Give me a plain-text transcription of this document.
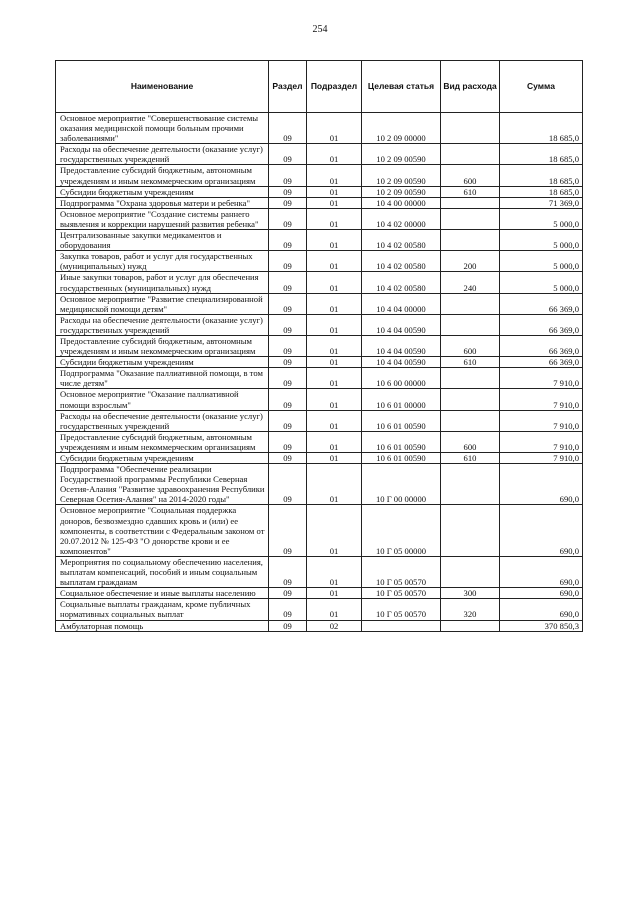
254
Наименование	Раздел	Подраздел	Целевая статья	Вид расхода	Сумма
Основное мероприятие "Совершенствование системы оказания медицинской помощи больным прочими заболеваниями"	09	01	10 2 09 00000		18 685,0
Расходы на обеспечение деятельности (оказание услуг) государственных учреждений	09	01	10 2 09 00590		18 685,0
Предоставление субсидий бюджетным, автономным учреждениям и иным некоммерческим организациям	09	01	10 2 09 00590	600	18 685,0
Субсидии бюджетным учреждениям	09	01	10 2 09 00590	610	18 685,0
Подпрограмма "Охрана здоровья матери и ребенка"	09	01	10 4 00 00000		71 369,0
Основное мероприятие "Создание системы раннего выявления и коррекции нарушений развития ребенка"	09	01	10 4 02 00000		5 000,0
Централизованные закупки медикаментов и оборудования	09	01	10 4 02 00580		5 000,0
Закупка товаров, работ и услуг для государственных (муниципальных) нужд	09	01	10 4 02 00580	200	5 000,0
Иные закупки товаров, работ и услуг для обеспечения государственных (муниципальных) нужд	09	01	10 4 02 00580	240	5 000,0
Основное мероприятие "Развитие специализированной медицинской помощи детям"	09	01	10 4 04 00000		66 369,0
Расходы на обеспечение деятельности (оказание услуг) государственных учреждений	09	01	10 4 04 00590		66 369,0
Предоставление субсидий бюджетным, автономным учреждениям и иным некоммерческим организациям	09	01	10 4 04 00590	600	66 369,0
Субсидии бюджетным учреждениям	09	01	10 4 04 00590	610	66 369,0
Подпрограмма "Оказание паллиативной помощи, в том числе детям"	09	01	10 6 00 00000		7 910,0
Основное мероприятие "Оказание паллиативной помощи взрослым"	09	01	10 6 01 00000		7 910,0
Расходы на обеспечение деятельности (оказание услуг) государственных учреждений	09	01	10 6 01 00590		7 910,0
Предоставление субсидий бюджетным, автономным учреждениям и иным некоммерческим организациям	09	01	10 6 01 00590	600	7 910,0
Субсидии бюджетным учреждениям	09	01	10 6 01 00590	610	7 910,0
Подпрограмма "Обеспечение реализации Государственной программы Республики Северная Осетия-Алания "Развитие здравоохранения Республики Северная Осетия-Алания" на 2014-2020 годы"	09	01	10 Г 00 00000		690,0
Основное мероприятие "Социальная поддержка доноров, безвозмездно сдавших кровь и (или) ее компоненты, в соответствии с Федеральным законом от 20.07.2012 № 125-ФЗ "О донорстве крови и ее компонентов"	09	01	10 Г 05 00000		690,0
Мероприятия по социальному обеспечению населения, выплатам компенсаций, пособий и иным социальным выплатам гражданам	09	01	10 Г 05 00570		690,0
Социальное обеспечение и иные выплаты населению	09	01	10 Г 05 00570	300	690,0
Социальные выплаты гражданам, кроме публичных нормативных социальных выплат	09	01	10 Г 05 00570	320	690,0
Амбулаторная помощь	09	02			370 850,3
